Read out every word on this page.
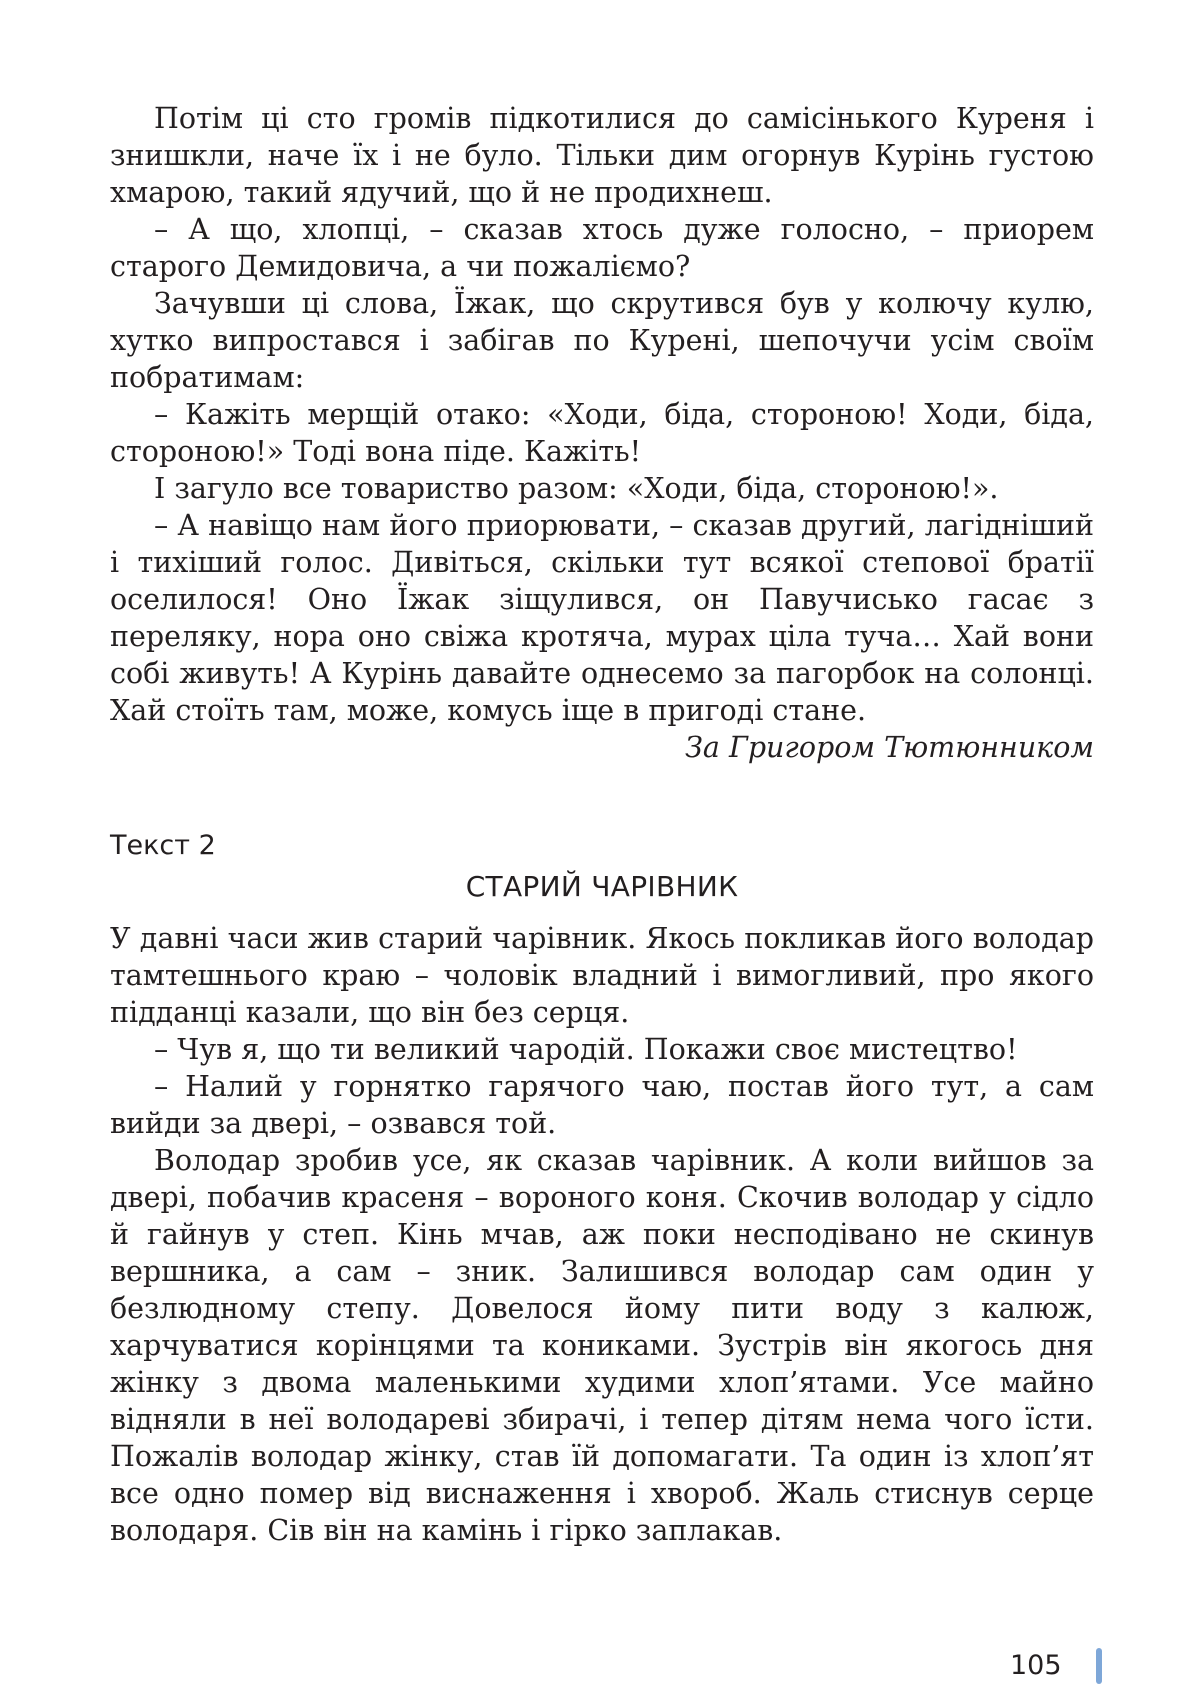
Потім ці сто громів підкотилися до самісінького Куреня і знишкли, наче їх і не було. Тільки дим огорнув Курінь густою хмарою, такий ядучий, що й не продихнеш.

– А що, хлопці, – сказав хтось дуже голосно, – приорем старого Демидовича, а чи пожаліємо?

Зачувши ці слова, Їжак, що скрутився був у колючу кулю, хутко випростався і забігав по Курені, шепочучи усім своїм побратимам:

– Кажіть мерщій отако: «Ходи, біда, стороною! Ходи, біда, стороною!» Тоді вона піде. Кажіть!

І загуло все товариство разом: «Ходи, біда, стороною!».

– А навіщо нам його приорювати, – сказав другий, лагідніший і тихіший голос. Дивіться, скільки тут всякої степової братії оселилося! Оно Їжак зіщулився, он Павучисько гасає з переляку, нора оно свіжа кротяча, мурах ціла туча… Хай вони собі живуть! А Курінь давайте однесемо за пагорбок на солонці. Хай стоїть там, може, комусь іще в пригоді стане.

За Григором Тютюнником

Текст 2

СТАРИЙ ЧАРІВНИК

У давні часи жив старий чарівник. Якось покликав його володар тамтешнього краю – чоловік владний і вимогливий, про якого підданці казали, що він без серця.

– Чув я, що ти великий чародій. Покажи своє мистецтво!

– Налий у горнятко гарячого чаю, постав його тут, а сам вийди за двері, – озвався той.

Володар зробив усе, як сказав чарівник. А коли вийшов за двері, побачив красеня – вороного коня. Скочив володар у сідло й гайнув у степ. Кінь мчав, аж поки несподівано не скинув вершника, а сам – зник. Залишився володар сам один у безлюдному степу. Довелося йому пити воду з калюж, харчуватися корінцями та кониками. Зустрів він якогось дня жінку з двома маленькими худими хлоп’ятами. Усе майно відняли в неї володареві збирачі, і тепер дітям нема чого їсти. Пожалів володар жінку, став їй допомагати. Та один із хлоп’ят все одно помер від виснаження і хвороб. Жаль стиснув серце володаря. Сів він на камінь і гірко заплакав.

105
